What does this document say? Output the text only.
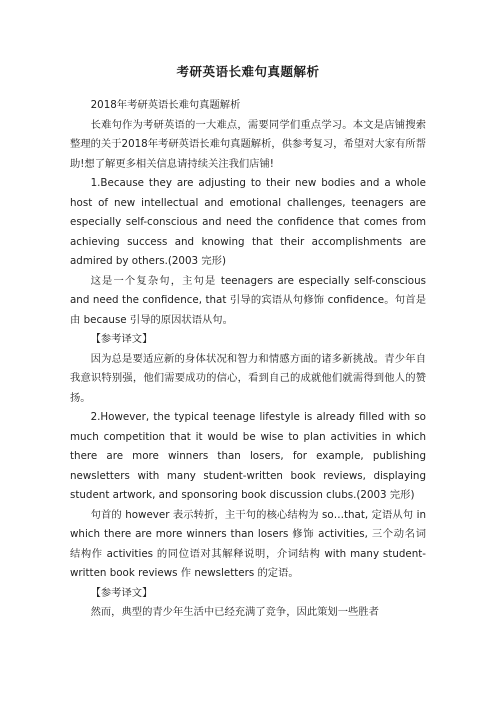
考研英语长难句真题解析

2018年考研英语长难句真题解析

长难句作为考研英语的一大难点，需要同学们重点学习。本文是店铺搜索整理的关于2018年考研英语长难句真题解析，供参考复习，希望对大家有所帮助!想了解更多相关信息请持续关注我们店铺!

1.Because they are adjusting to their new bodies and a whole host of new intellectual and emotional challenges, teenagers are especially self-conscious and need the confidence that comes from achieving success and knowing that their accomplishments are admired by others.(2003 完形)

这是一个复杂句，主句是 teenagers are especially self-conscious and need the confidence, that 引导的宾语从句修饰 confidence。句首是由 because 引导的原因状语从句。

【参考译文】

因为总是要适应新的身体状况和智力和情感方面的诸多新挑战。青少年自我意识特别强，他们需要成功的信心，看到自己的成就他们就需得到他人的赞扬。

2.However, the typical teenage lifestyle is already filled with so much competition that it would be wise to plan activities in which there are more winners than losers, for example, publishing newsletters with many student-written book reviews, displaying student artwork, and sponsoring book discussion clubs.(2003 完形)

句首的 however 表示转折，主干句的核心结构为 so…that, 定语从句 in which there are more winners than losers 修饰 activities, 三个动名词结构作 activities 的同位语对其解释说明，介词结构 with many student-written book reviews 作 newsletters 的定语。

【参考译文】

然而，典型的青少年生活中已经充满了竞争，因此策划一些胜者
